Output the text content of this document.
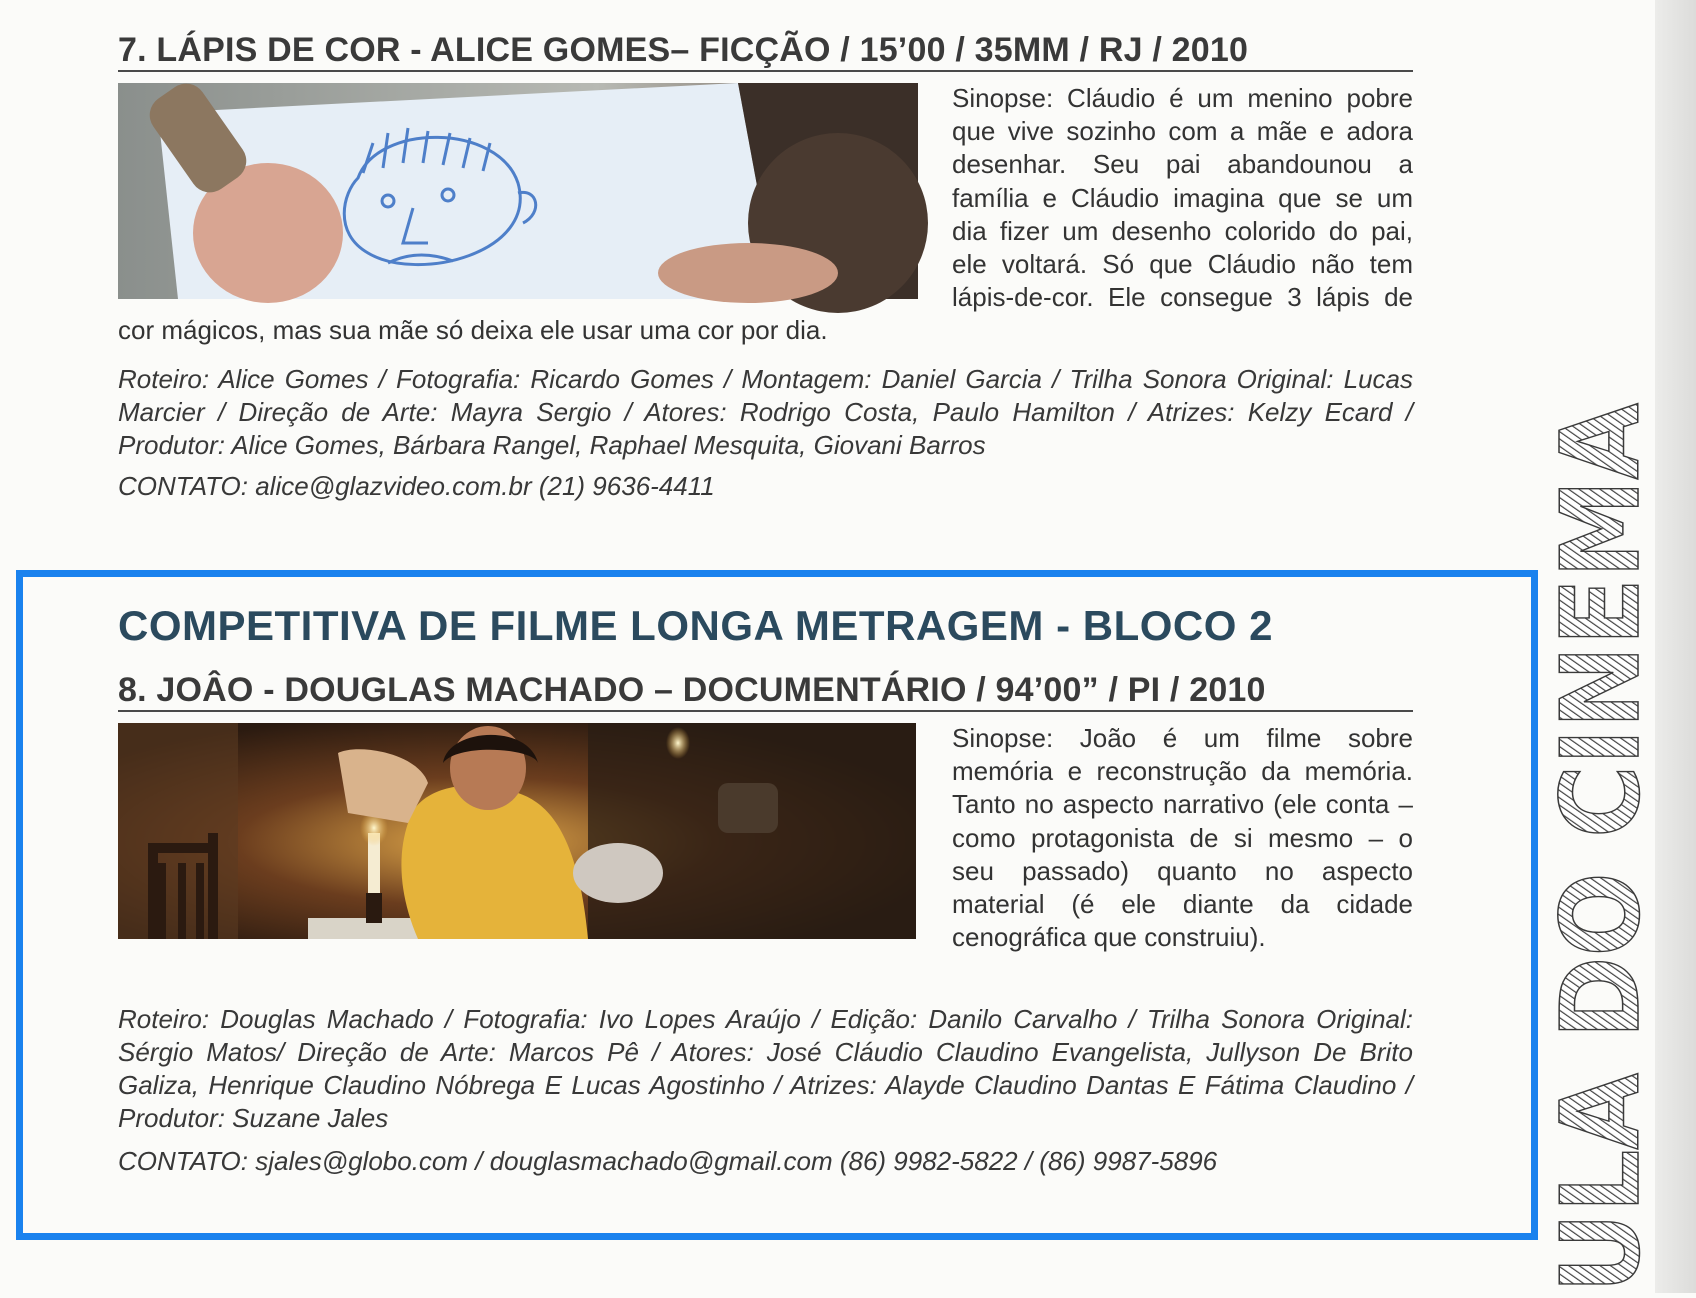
7. LÁPIS DE COR - ALICE GOMES– FICÇÃO / 15’00 / 35MM / RJ / 2010
Sinopse: Cláudio é um menino pobre que vive sozinho com a mãe e adora desenhar. Seu pai abandounou a família e Cláudio imagina que se um dia fizer um desenho colorido do pai, ele voltará. Só que Cláudio não tem lápis-de-cor. Ele consegue 3 lápis de cor mágicos, mas sua mãe só deixa ele usar uma cor por dia.
Roteiro: Alice Gomes / Fotografia: Ricardo Gomes / Montagem: Daniel Garcia / Trilha Sonora Original: Lucas Marcier / Direção de Arte: Mayra Sergio / Atores: Rodrigo Costa, Paulo Hamilton / Atrizes: Kelzy Ecard / Produtor: Alice Gomes, Bárbara Rangel, Raphael Mesquita, Giovani Barros
CONTATO: alice@glazvideo.com.br (21) 9636-4411
COMPETITIVA DE FILME LONGA METRAGEM - BLOCO 2
8. JOÂO - DOUGLAS MACHADO – DOCUMENTÁRIO / 94’00” / PI / 2010
Sinopse: João é um filme sobre memória e reconstrução da memória. Tanto no aspecto narrativo (ele conta – como protagonista de si mesmo – o seu passado) quanto no aspecto material (é ele diante da cidade cenográfica que construiu).
Roteiro: Douglas Machado / Fotografia: Ivo Lopes Araújo / Edição: Danilo Carvalho / Trilha Sonora Original: Sérgio Matos/ Direção de Arte: Marcos Pê / Atores: José Cláudio Claudino Evangelista, Jullyson De Brito Galiza, Henrique Claudino Nóbrega E Lucas Agostinho / Atrizes: Alayde Claudino Dantas E Fátima Claudino / Produtor: Suzane Jales
CONTATO: sjales@globo.com / douglasmachado@gmail.com (86) 9982-5822 / (86) 9987-5896	ULA DO CINEMA
